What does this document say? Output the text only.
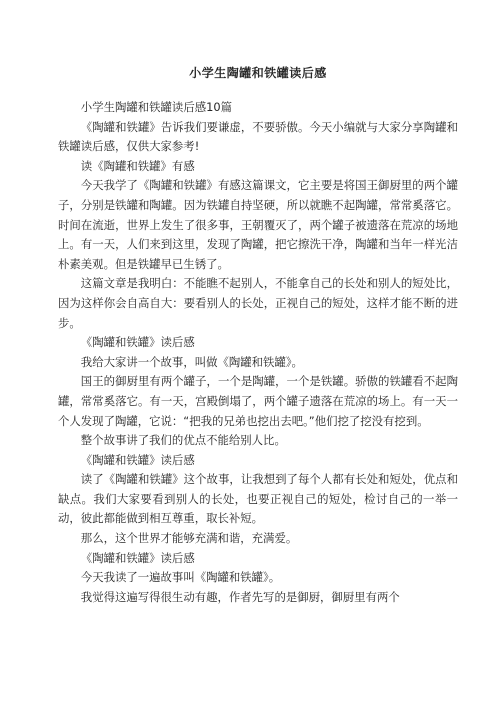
小学生陶罐和铁罐读后感

小学生陶罐和铁罐读后感10篇

《陶罐和铁罐》告诉我们要谦虚，不要骄傲。今天小编就与大家分享陶罐和铁罐读后感，仅供大家参考!

读《陶罐和铁罐》有感

今天我学了《陶罐和铁罐》有感这篇课文，它主要是将国王御厨里的两个罐子，分别是铁罐和陶罐。因为铁罐自持坚硬，所以就瞧不起陶罐，常常奚落它。时间在流逝，世界上发生了很多事，王朝覆灭了，两个罐子被遗落在荒凉的场地上。有一天，人们来到这里，发现了陶罐，把它擦洗干净，陶罐和当年一样光洁朴素美观。但是铁罐早已生锈了。

这篇文章是我明白：不能瞧不起别人，不能拿自己的长处和别人的短处比，因为这样你会自高自大：要看别人的长处，正视自己的短处，这样才能不断的进步。

《陶罐和铁罐》读后感

我给大家讲一个故事，叫做《陶罐和铁罐》。

国王的御厨里有两个罐子，一个是陶罐，一个是铁罐。骄傲的铁罐看不起陶罐，常常奚落它。有一天，宫殿倒塌了，两个罐子遗落在荒凉的场上。有一天一个人发现了陶罐，它说：“把我的兄弟也挖出去吧。”他们挖了挖没有挖到。

整个故事讲了我们的优点不能给别人比。

《陶罐和铁罐》读后感

读了《陶罐和铁罐》这个故事，让我想到了每个人都有长处和短处，优点和缺点。我们大家要看到别人的长处，也要正视自己的短处，检讨自己的一举一动，彼此都能做到相互尊重，取长补短。

那么，这个世界才能够充满和谐，充满爱。

《陶罐和铁罐》读后感

今天我读了一遍故事叫《陶罐和铁罐》。

我觉得这遍写得很生动有趣，作者先写的是御厨，御厨里有两个
